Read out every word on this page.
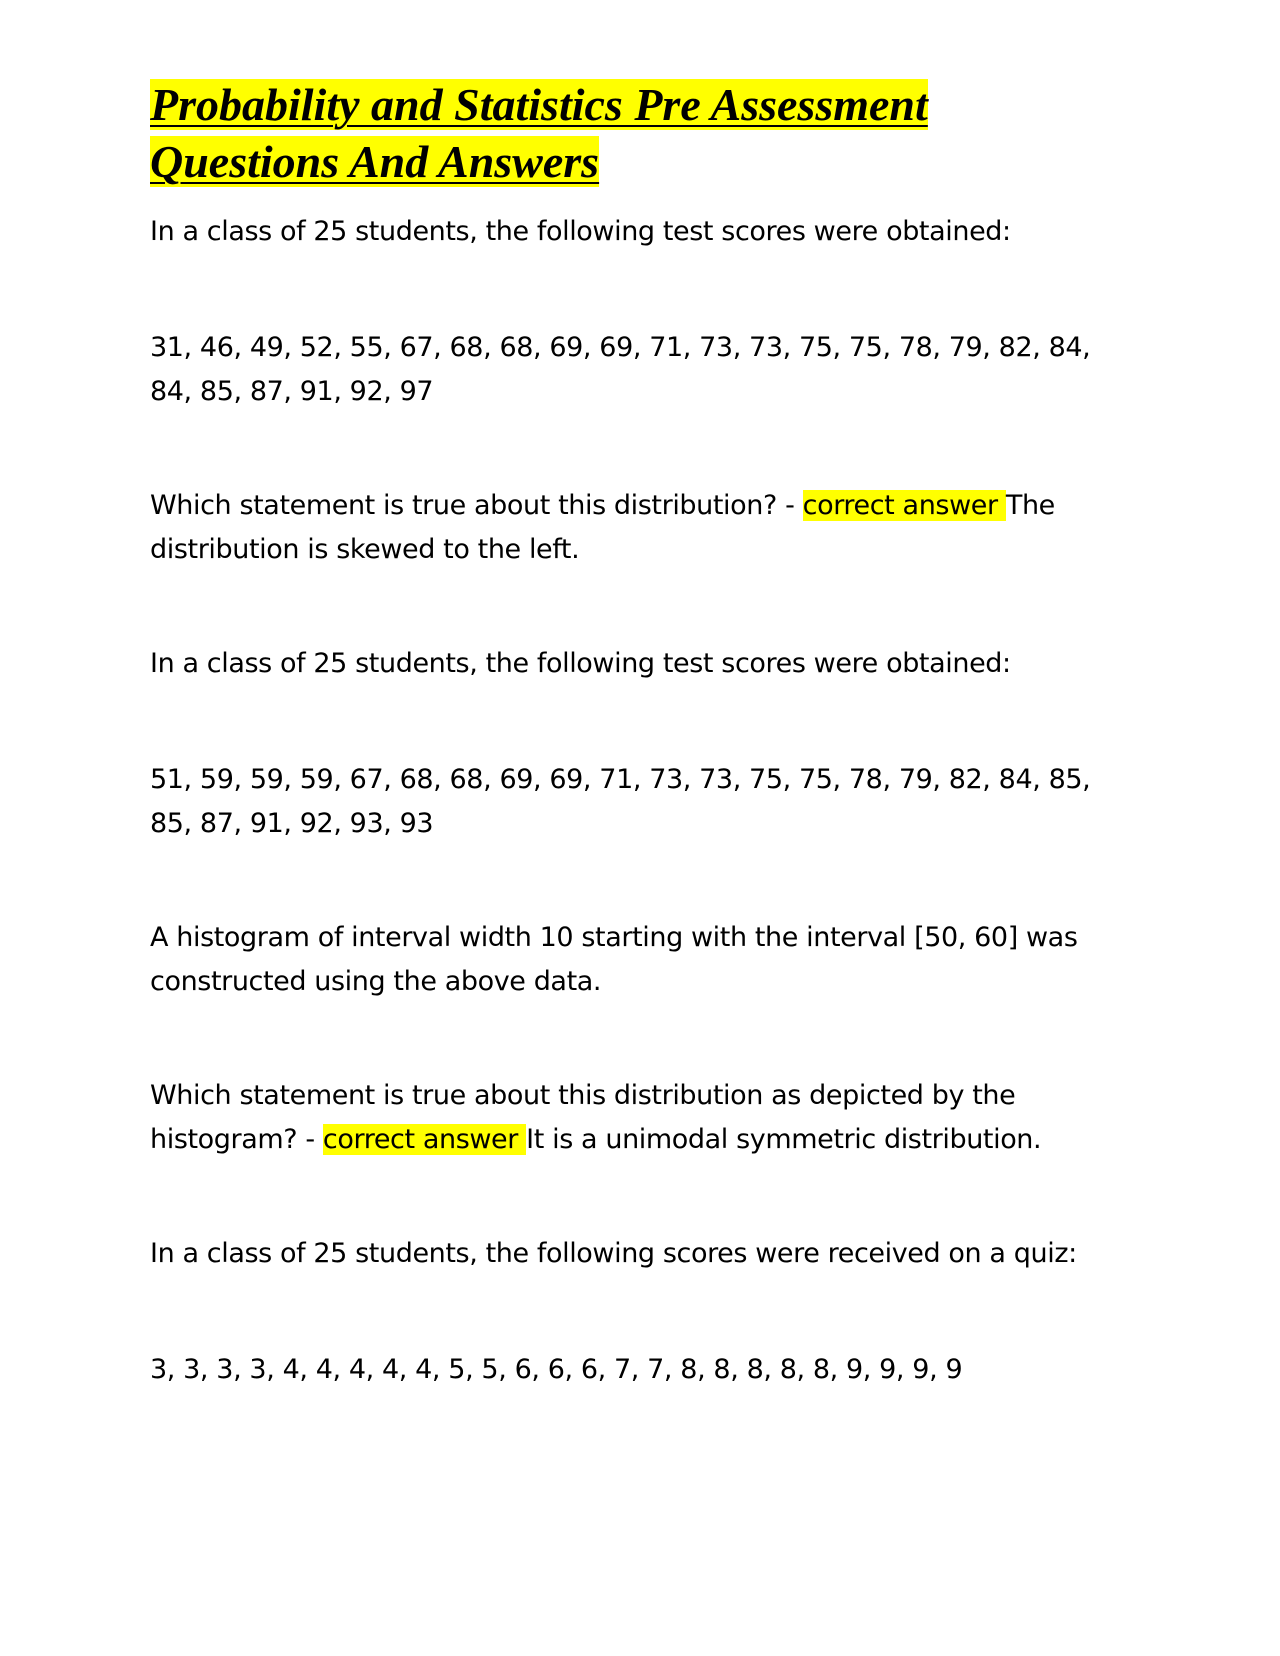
Probability and Statistics Pre Assessment
Questions And Answers

In a class of 25 students, the following test scores were obtained:

31, 46, 49, 52, 55, 67, 68, 68, 69, 69, 71, 73, 73, 75, 75, 78, 79, 82, 84, 84, 85, 87, 91, 92, 97

Which statement is true about this distribution? - correct answer The distribution is skewed to the left.

In a class of 25 students, the following test scores were obtained:

51, 59, 59, 59, 67, 68, 68, 69, 69, 71, 73, 73, 75, 75, 78, 79, 82, 84, 85, 85, 87, 91, 92, 93, 93

A histogram of interval width 10 starting with the interval [50, 60] was constructed using the above data.

Which statement is true about this distribution as depicted by the histogram? - correct answer It is a unimodal symmetric distribution.

In a class of 25 students, the following scores were received on a quiz:

3, 3, 3, 3, 4, 4, 4, 4, 4, 5, 5, 6, 6, 6, 7, 7, 8, 8, 8, 8, 8, 9, 9, 9, 9
